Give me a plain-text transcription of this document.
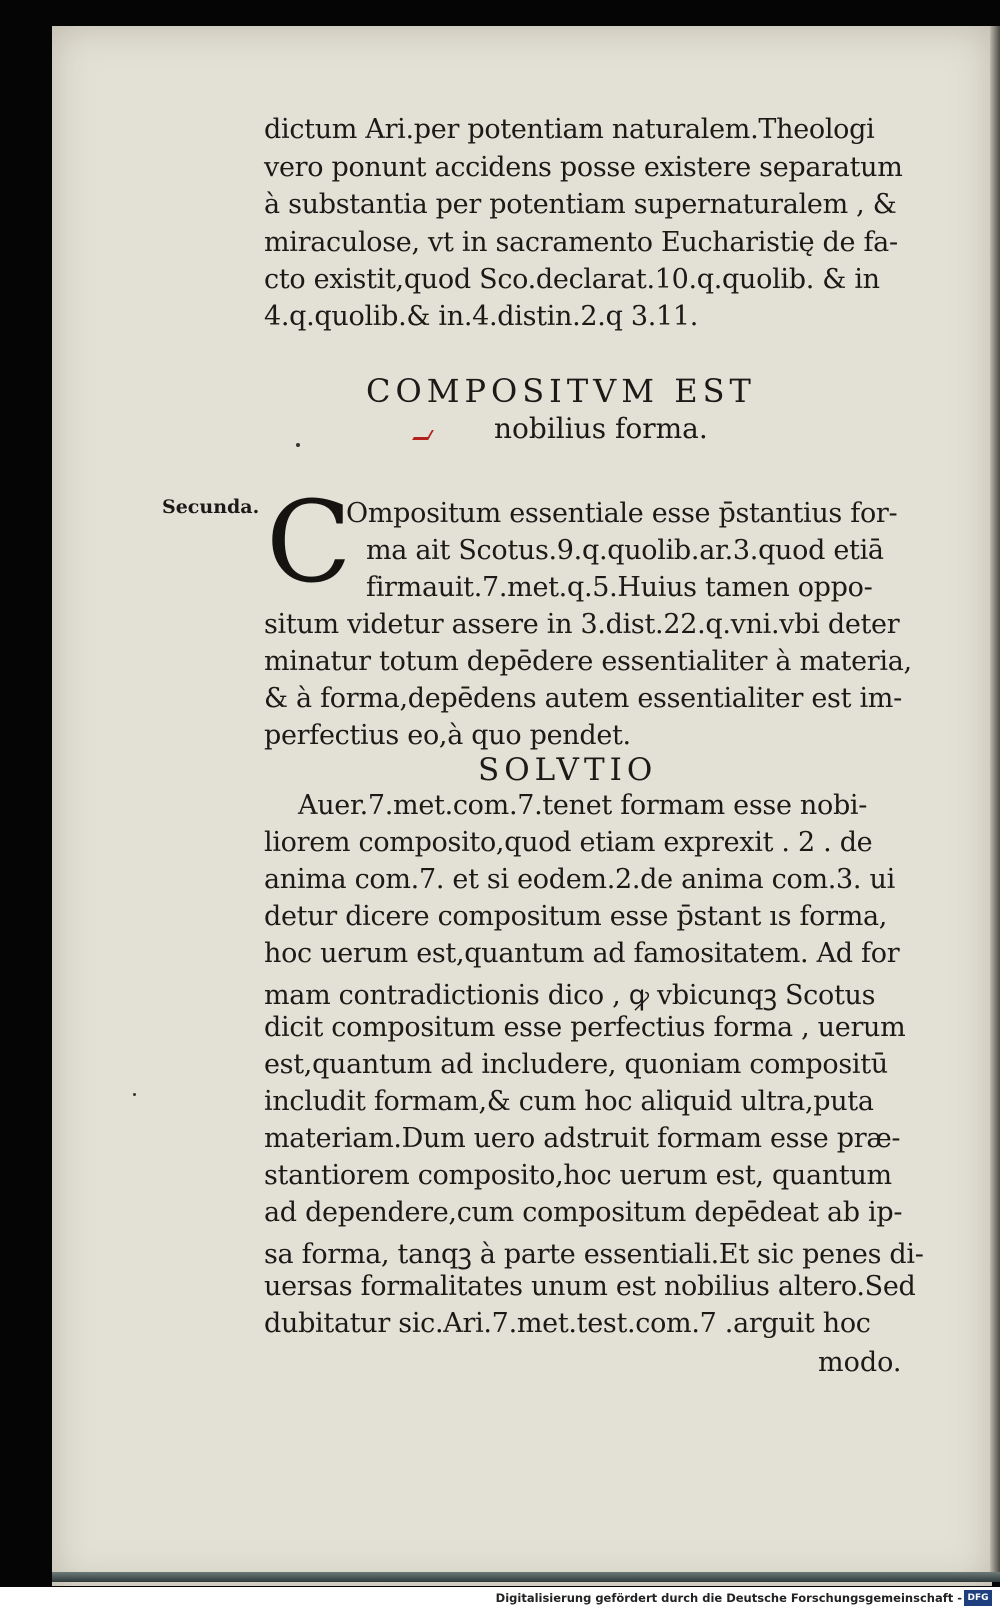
dictum Ari.per potentiam naturalem.Theologi
vero ponunt accidens posse existere separatum
à substantia per potentiam supernaturalem , &
miraculose, vt in sacramento Eucharistię de fa-
cto existit,quod Sco.declarat.10.q.quolib. & in
4.q.quolib.& in.4.distin.2.q 3.11.
COMPOSITVM EST
nobilius forma.
Secunda. C
Ompositum essentiale esse p̄stantius for-
ma ait Scotus.9.q.quolib.ar.3.quod etiā
firmauit.7.met.q.5.Huius tamen oppo-
situm videtur assere in 3.dist.22.q.vni.vbi deter
minatur totum depēdere essentialiter à materia,
& à forma,depēdens autem essentialiter est im-
perfectius eo,à quo pendet.
SOLVTIO
Auer.7.met.com.7.tenet formam esse nobi-
liorem composito,quod etiam exprexit . 2 . de
anima com.7. et si eodem.2.de anima com.3. ui
detur dicere compositum esse p̄stant ıs forma,
hoc uerum est,quantum ad famositatem. Ad for
mam contradictionis dico , ꝙ vbicunqꝫ Scotus
dicit compositum esse perfectius forma , uerum
est,quantum ad includere, quoniam compositū
includit formam,& cum hoc aliquid ultra,puta
materiam.Dum uero adstruit formam esse præ-
stantiorem composito,hoc uerum est, quantum
ad dependere,cum compositum depēdeat ab ip-
sa forma, tanqꝫ à parte essentiali.Et sic penes di-
uersas formalitates unum est nobilius altero.Sed
dubitatur sic.Ari.7.met.test.com.7 .arguit hoc
modo.
Digitalisierung gefördert durch die Deutsche Forschungsgemeinschaft - DFG
